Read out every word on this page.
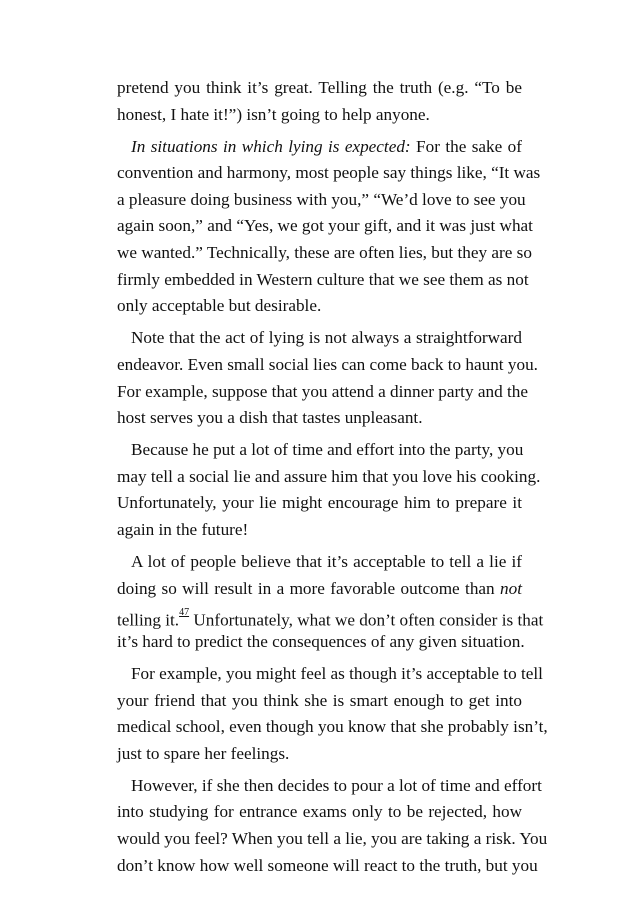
pretend you think it’s great. Telling the truth (e.g. “To be
honest, I hate it!”) isn’t going to help anyone.
In situations in which lying is expected: For the sake of
convention and harmony, most people say things like, “It was
a pleasure doing business with you,” “We’d love to see you
again soon,” and “Yes, we got your gift, and it was just what
we wanted.” Technically, these are often lies, but they are so
firmly embedded in Western culture that we see them as not
only acceptable but desirable.
Note that the act of lying is not always a straightforward
endeavor. Even small social lies can come back to haunt you.
For example, suppose that you attend a dinner party and the
host serves you a dish that tastes unpleasant.
Because he put a lot of time and effort into the party, you
may tell a social lie and assure him that you love his cooking.
Unfortunately, your lie might encourage him to prepare it
again in the future!
A lot of people believe that it’s acceptable to tell a lie if
doing so will result in a more favorable outcome than not
telling it.$^{^{47}}$ Unfortunately, what we don’t often consider is that
it’s hard to predict the consequences of any given situation.
For example, you might feel as though it’s acceptable to tell
your friend that you think she is smart enough to get into
medical school, even though you know that she probably isn’t,
just to spare her feelings.
However, if she then decides to pour a lot of time and effort
into studying for entrance exams only to be rejected, how
would you feel? When you tell a lie, you are taking a risk. You
don’t know how well someone will react to the truth, but you
